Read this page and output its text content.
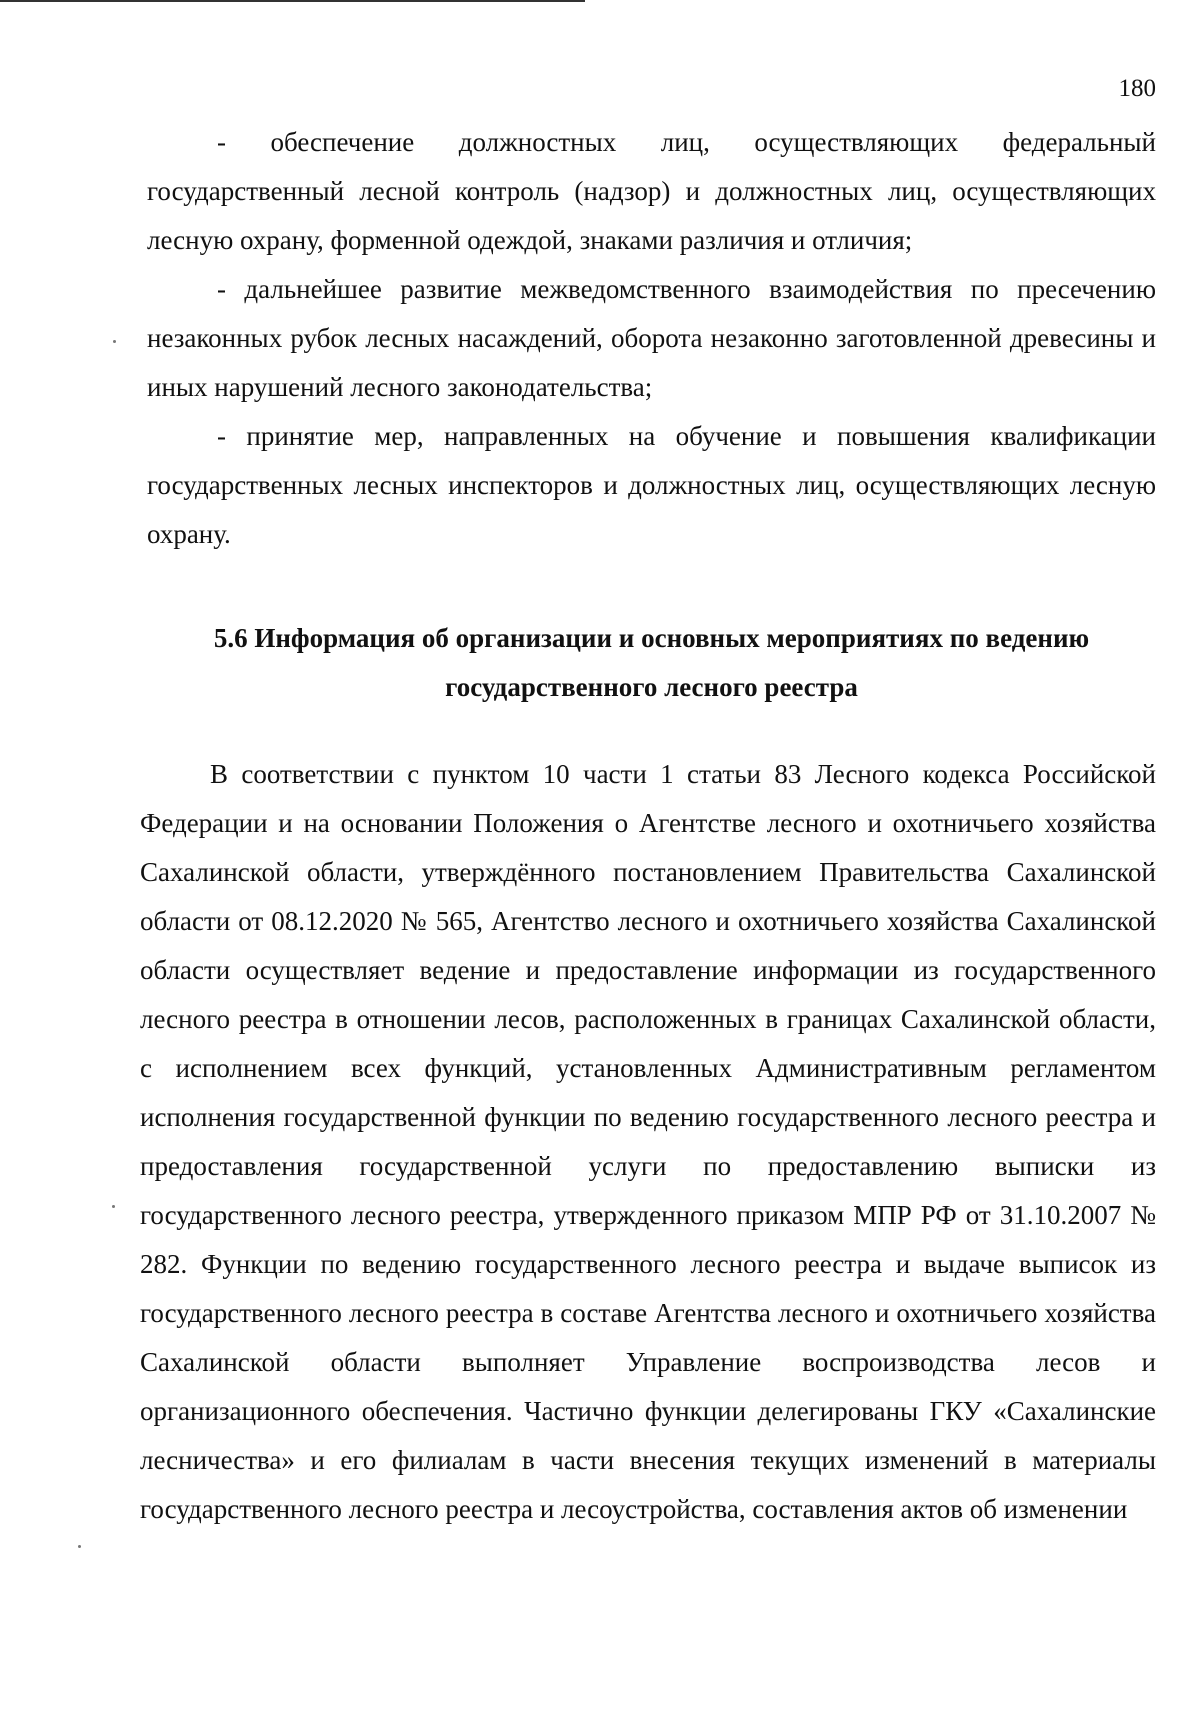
180

- обеспечение должностных лиц, осуществляющих федеральный государственный лесной контроль (надзор) и должностных лиц, осуществляющих лесную охрану, форменной одеждой, знаками различия и отличия;

- дальнейшее развитие межведомственного взаимодействия по пресечению незаконных рубок лесных насаждений, оборота незаконно заготовленной древесины и иных нарушений лесного законодательства;

- принятие мер, направленных на обучение и повышения квалификации государственных лесных инспекторов и должностных лиц, осуществляющих лесную охрану.

5.6 Информация об организации и основных мероприятиях по ведению
государственного лесного реестра

В соответствии с пунктом 10 части 1 статьи 83 Лесного кодекса Российской Федерации и на основании Положения о Агентстве лесного и охотничьего хозяйства Сахалинской области, утверждённого постановлением Правительства Сахалинской области от 08.12.2020 № 565, Агентство лесного и охотничьего хозяйства Сахалинской области осуществляет ведение и предоставление информации из государственного лесного реестра в отношении лесов, расположенных в границах Сахалинской области, с исполнением всех функций, установленных Административным регламентом исполнения государственной функции по ведению государственного лесного реестра и предоставления государственной услуги по предоставлению выписки из государственного лесного реестра, утвержденного приказом МПР РФ от 31.10.2007 № 282. Функции по ведению государственного лесного реестра и выдаче выписок из государственного лесного реестра в составе Агентства лесного и охотничьего хозяйства Сахалинской области выполняет Управление воспроизводства лесов и организационного обеспечения. Частично функции делегированы ГКУ «Сахалинские лесничества» и его филиалам в части внесения текущих изменений в материалы государственного лесного реестра и лесоустройства, составления актов об изменении
